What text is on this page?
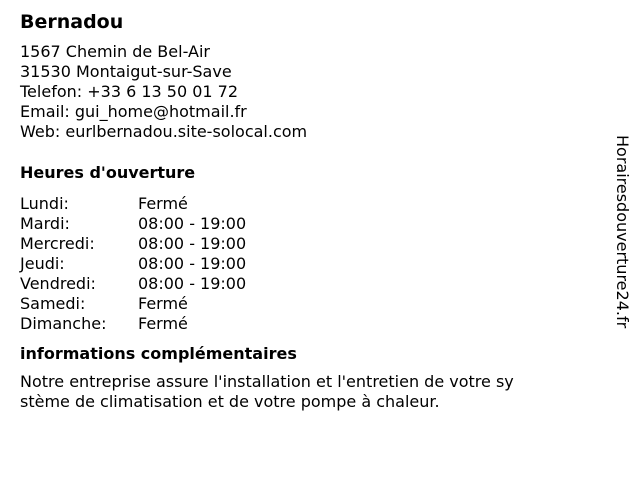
Bernadou
1567 Chemin de Bel-Air
31530 Montaigut-sur-Save
Telefon: +33 6 13 50 01 72
Email: gui_home@hotmail.fr
Web: eurlbernadou.site-solocal.com
Heures d'ouverture
Lundi:	Fermé
Mardi:	08:00 - 19:00
Mercredi:	08:00 - 19:00
Jeudi:	08:00 - 19:00
Vendredi:	08:00 - 19:00
Samedi:	Fermé
Dimanche:	Fermé
informations complémentaires

Notre entreprise assure l'installation et l'entretien de votre système de climatisation et de votre pompe à chaleur.

Horairesdouverture24.fr
